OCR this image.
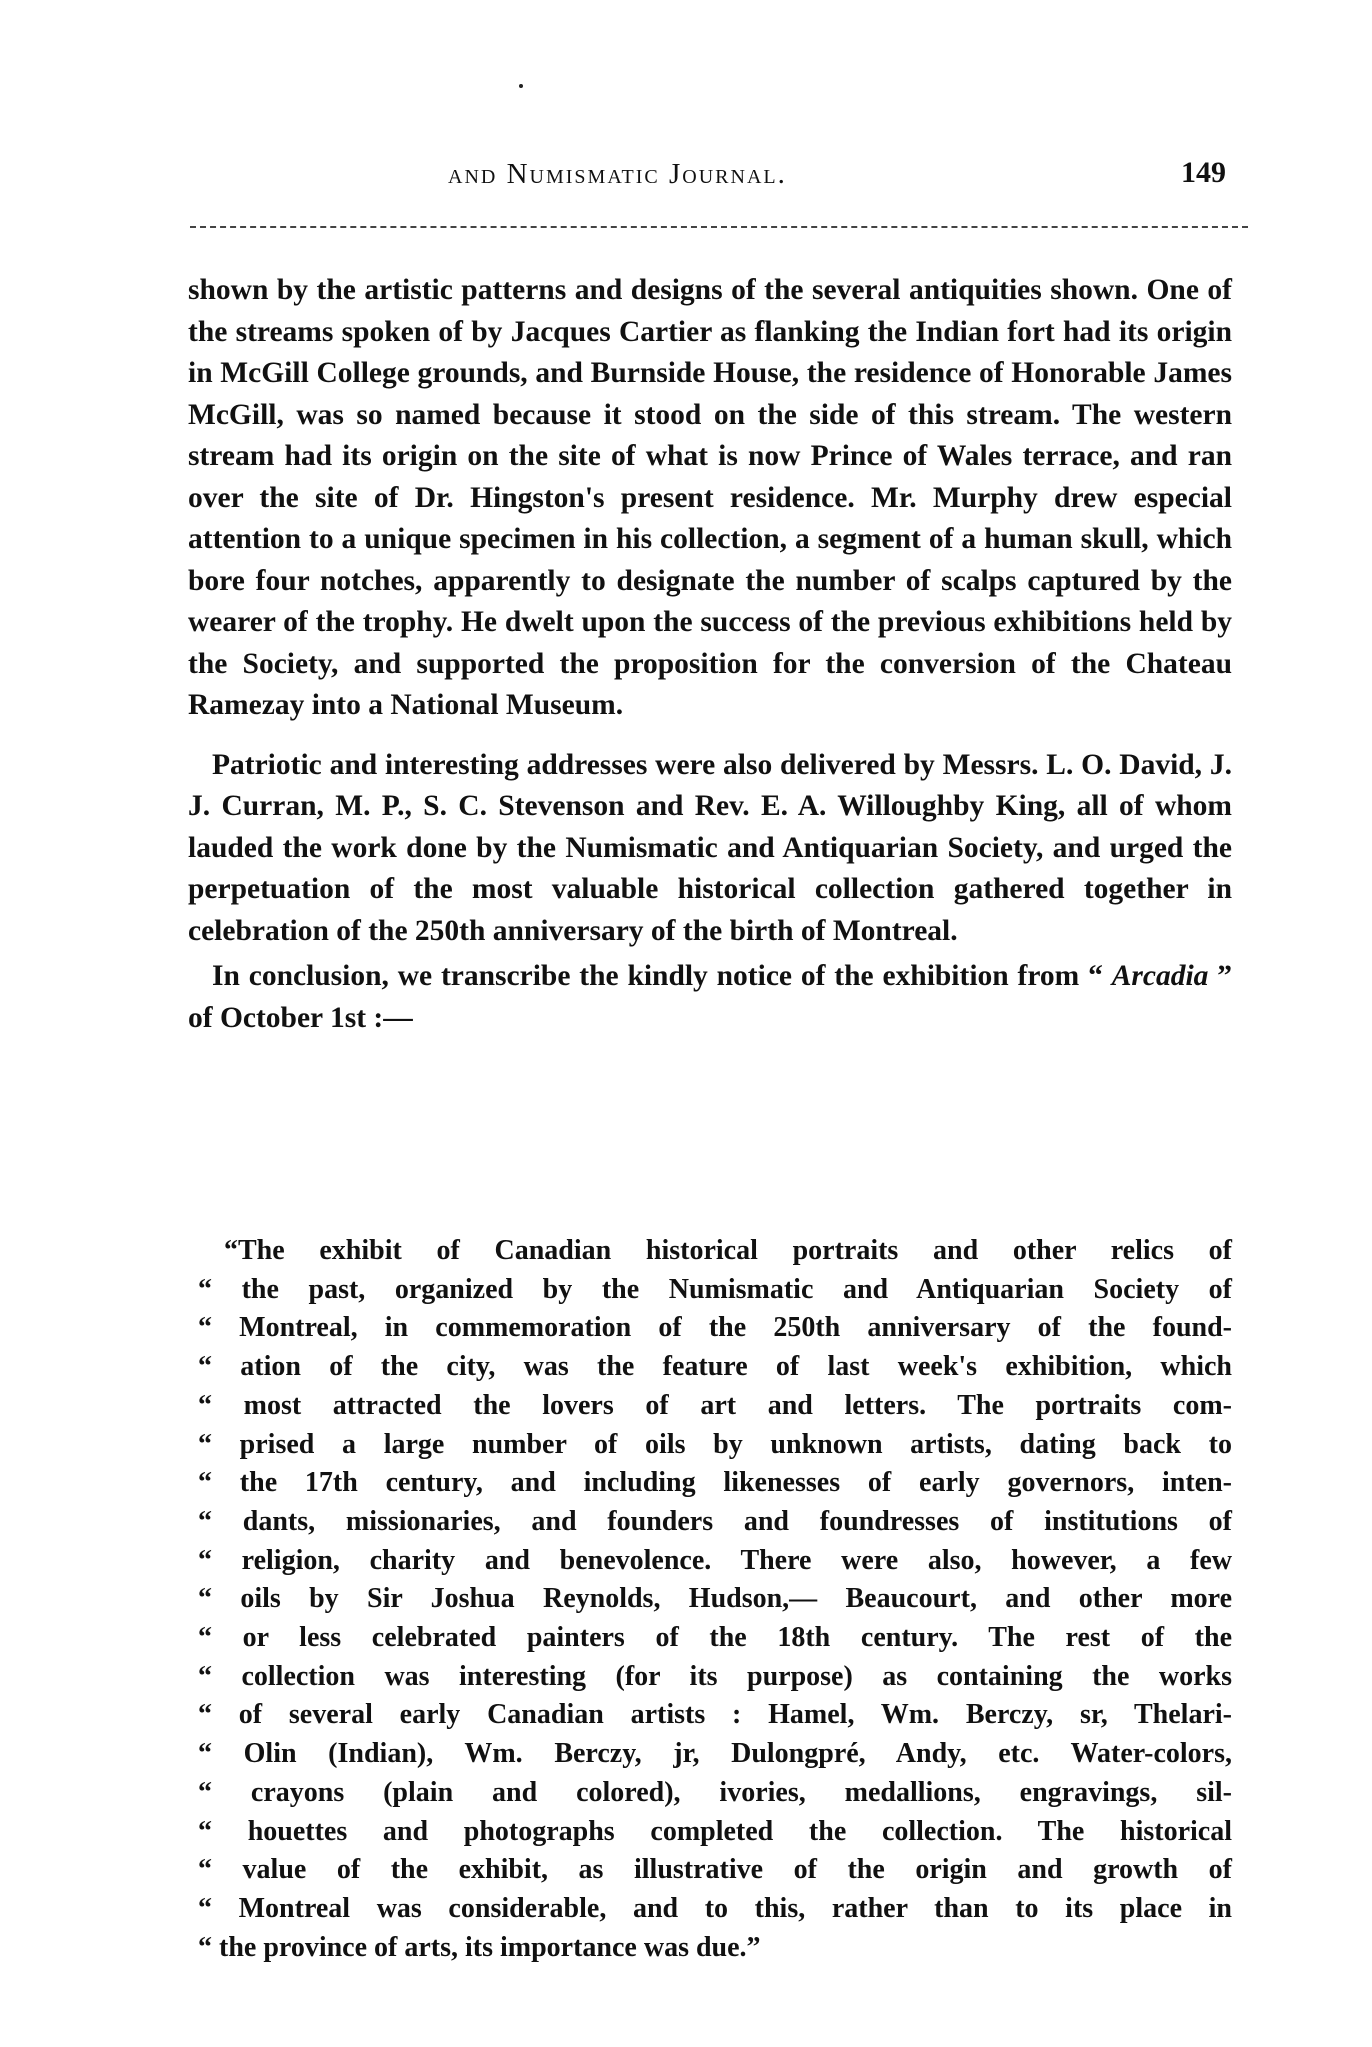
and Numismatic Journal.	149

shown by the artistic patterns and designs of the several antiquities shown. One of the streams spoken of by Jacques Cartier as flanking the Indian fort had its origin in McGill College grounds, and Burnside House, the residence of Honorable James McGill, was so named because it stood on the side of this stream. The western stream had its origin on the site of what is now Prince of Wales terrace, and ran over the site of Dr. Hingston's present residence. Mr. Murphy drew especial attention to a unique specimen in his collection, a segment of a human skull, which bore four notches, apparently to designate the number of scalps captured by the wearer of the trophy. He dwelt upon the success of the previous exhibitions held by the Society, and supported the proposition for the conversion of the Chateau Ramezay into a National Museum.

Patriotic and interesting addresses were also delivered by Messrs. L. O. David, J. J. Curran, M. P., S. C. Stevenson and Rev. E. A. Willoughby King, all of whom lauded the work done by the Numismatic and Antiquarian Society, and urged the perpetuation of the most valuable historical collection gathered together in celebration of the 250th anniversary of the birth of Montreal.

In conclusion, we transcribe the kindly notice of the exhibition from “ Arcadia ” of October 1st :—

“The exhibit of Canadian historical portraits and other relics of
“ the past, organized by the Numismatic and Antiquarian Society of
“ Montreal, in commemoration of the 250th anniversary of the found-
“ ation of the city, was the feature of last week's exhibition, which
“ most attracted the lovers of art and letters. The portraits com-
“ prised a large number of oils by unknown artists, dating back to
“ the 17th century, and including likenesses of early governors, inten-
“ dants, missionaries, and founders and foundresses of institutions of
“ religion, charity and benevolence. There were also, however, a few
“ oils by Sir Joshua Reynolds, Hudson,— Beaucourt, and other more
“ or less celebrated painters of the 18th century. The rest of the
“ collection was interesting (for its purpose) as containing the works
“ of several early Canadian artists : Hamel, Wm. Berczy, sr, Thelari-
“ Olin (Indian), Wm. Berczy, jr, Dulongpré, Andy, etc. Water-colors,
“ crayons (plain and colored), ivories, medallions, engravings, sil-
“ houettes and photographs completed the collection. The historical
“ value of the exhibit, as illustrative of the origin and growth of
“ Montreal was considerable, and to this, rather than to its place in
“ the province of arts, its importance was due.”
